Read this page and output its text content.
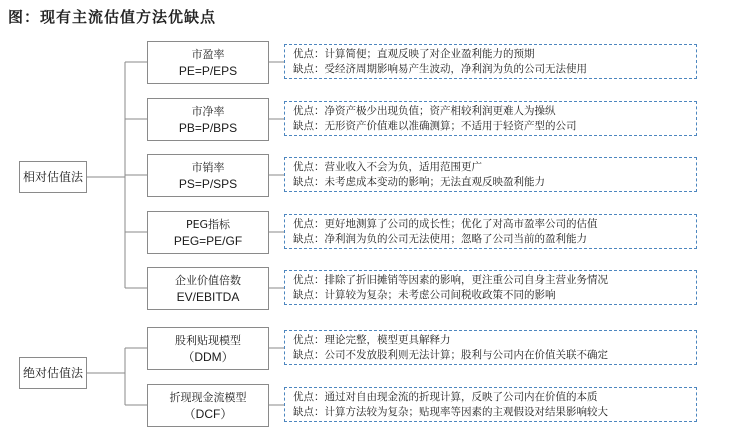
图：现有主流估值方法优缺点
相对估值法
绝对估值法
市盈率
PE=P/EPS
市净率
PB=P/BPS
市销率
PS=P/SPS
PEG指标
PEG=PE/GF
企业价值倍数
EV/EBITDA
股利贴现模型
（DDM）
折现现金流模型
（DCF）
优点：计算简便；直观反映了对企业盈利能力的预期
缺点：受经济周期影响易产生波动，净利润为负的公司无法使用
优点：净资产极少出现负值；资产相较利润更难人为操纵
缺点：无形资产价值难以准确测算；不适用于轻资产型的公司
优点：营业收入不会为负，适用范围更广
缺点：未考虑成本变动的影响；无法直观反映盈利能力
优点：更好地测算了公司的成长性；优化了对高市盈率公司的估值
缺点：净利润为负的公司无法使用；忽略了公司当前的盈利能力
优点：排除了折旧摊销等因素的影响，更注重公司自身主营业务情况
缺点：计算较为复杂；未考虑公司间税收政策不同的影响
优点：理论完整，模型更具解释力
缺点：公司不发放股利则无法计算；股利与公司内在价值关联不确定
优点：通过对自由现金流的折现计算，反映了公司内在价值的本质
缺点：计算方法较为复杂；贴现率等因素的主观假设对结果影响较大
